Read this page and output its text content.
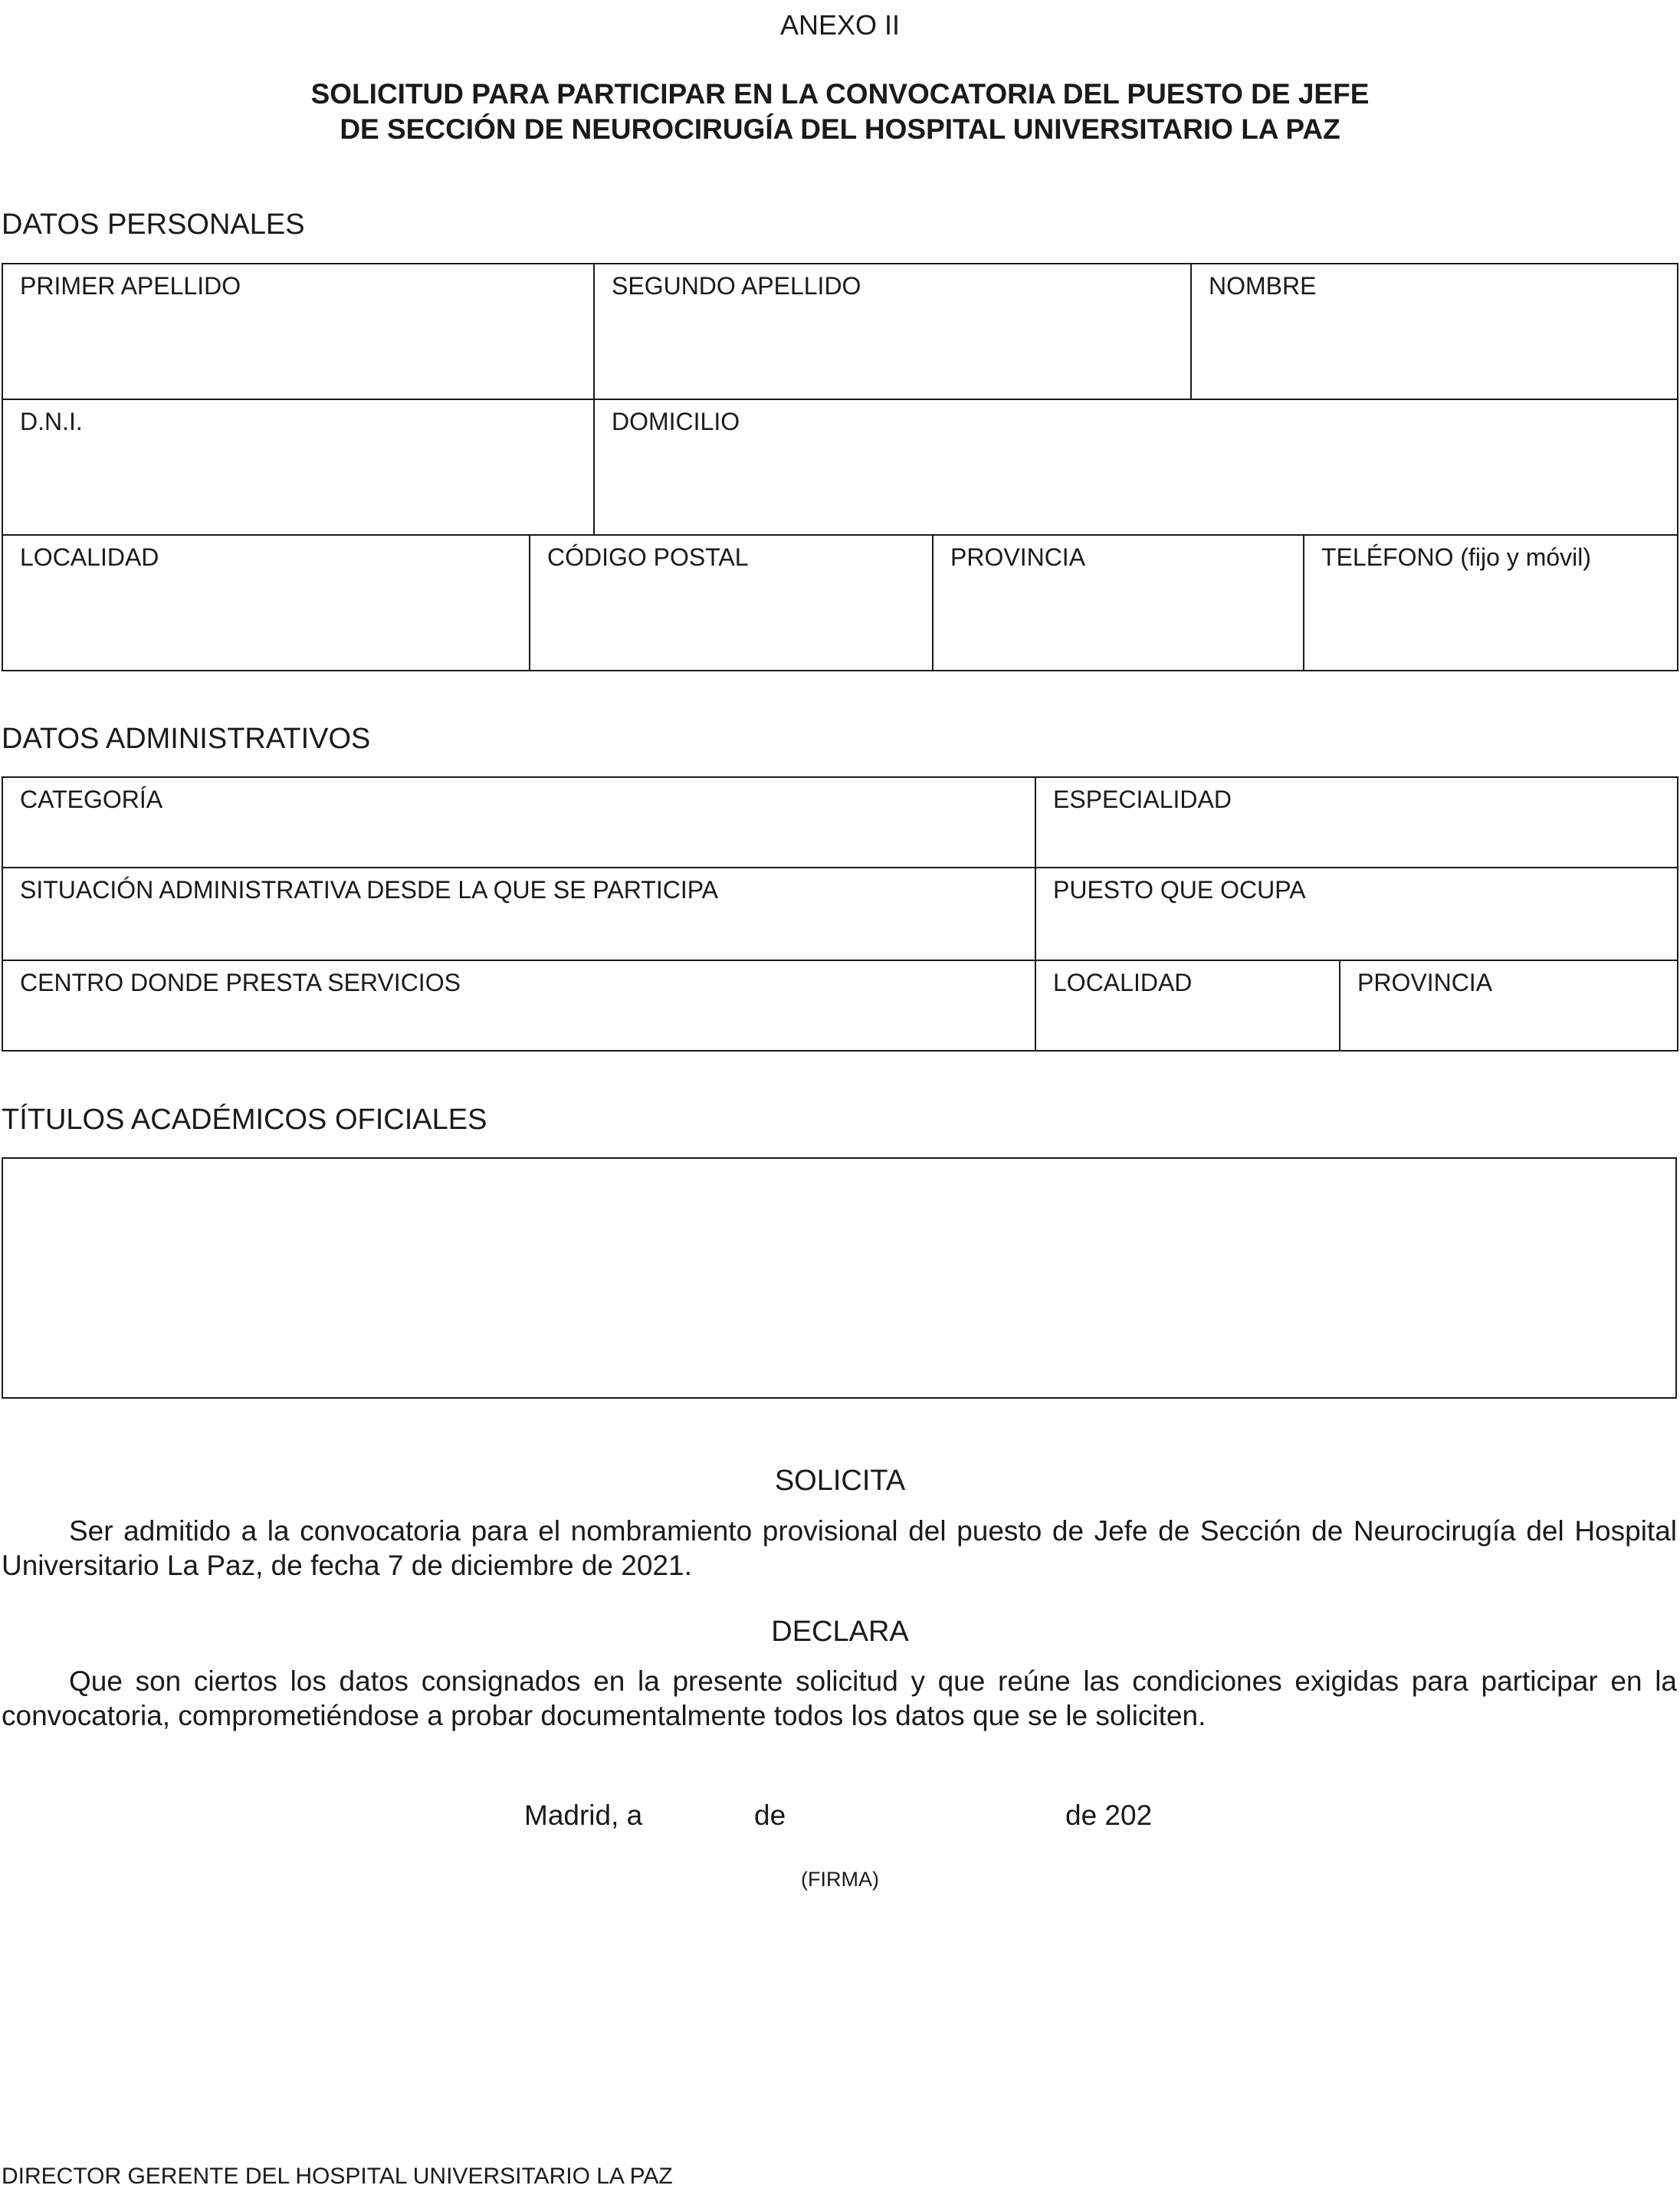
ANEXO II
SOLICITUD PARA PARTICIPAR EN LA CONVOCATORIA DEL PUESTO DE JEFE
DE SECCIÓN DE NEUROCIRUGÍA DEL HOSPITAL UNIVERSITARIO LA PAZ
DATOS PERSONALES
PRIMER APELLIDO		SEGUNDO APELLIDO		NOMBRE	
D.N.I.		DOMICILIO			
LOCALIDAD	CÓDIGO POSTAL		PROVINCIA		TELÉFONO (fijo y móvil)
DATOS ADMINISTRATIVOS
CATEGORÍA	ESPECIALIDAD	
SITUACIÓN ADMINISTRATIVA DESDE LA QUE SE PARTICIPA	PUESTO QUE OCUPA	
CENTRO DONDE PRESTA SERVICIOS	LOCALIDAD	PROVINCIA
TÍTULOS ACADÉMICOS OFICIALES
SOLICITA
Ser admitido a la convocatoria para el nombramiento provisional del puesto de Jefe de Sección de Neurocirugía del Hospital Universitario La Paz, de fecha 7 de diciembre de 2021.
DECLARA
Que son ciertos los datos consignados en la presente solicitud y que reúne las condiciones exigidas para participar en la convocatoria, comprometiéndose a probar documentalmente todos los datos que se le soliciten.
Madrid, a	de	de 202
(FIRMA)
DIRECTOR GERENTE DEL HOSPITAL UNIVERSITARIO LA PAZ
